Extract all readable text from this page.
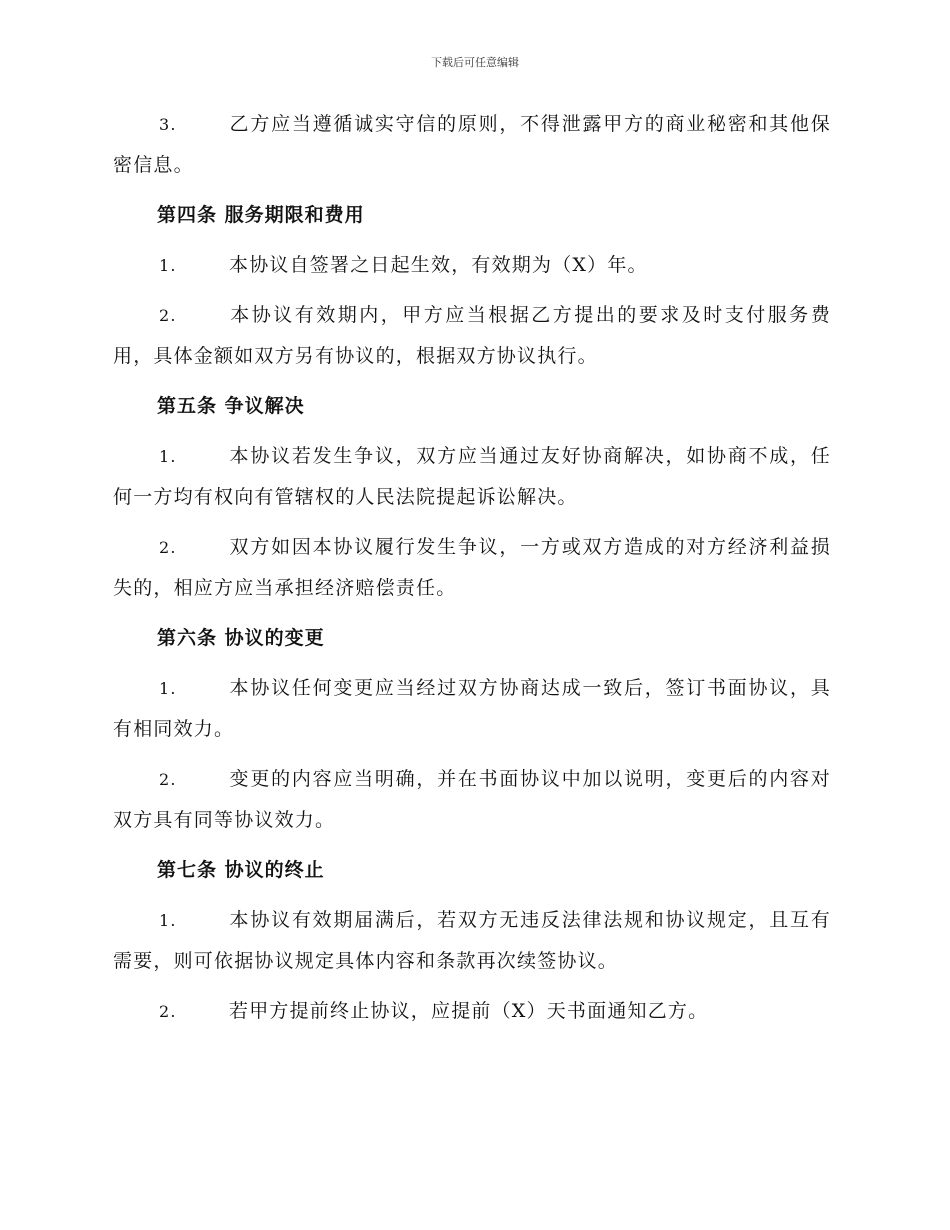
下载后可任意编辑

3.	乙方应当遵循诚实守信的原则，不得泄露甲方的商业秘密和其他保密信息。

第四条 服务期限和费用

1.	本协议自签署之日起生效，有效期为（X）年。

2.	本协议有效期内，甲方应当根据乙方提出的要求及时支付服务费用，具体金额如双方另有协议的，根据双方协议执行。

第五条 争议解决

1.	本协议若发生争议，双方应当通过友好协商解决，如协商不成，任何一方均有权向有管辖权的人民法院提起诉讼解决。

2.	双方如因本协议履行发生争议，一方或双方造成的对方经济利益损失的，相应方应当承担经济赔偿责任。

第六条 协议的变更

1.	本协议任何变更应当经过双方协商达成一致后，签订书面协议，具有相同效力。

2.	变更的内容应当明确，并在书面协议中加以说明，变更后的内容对双方具有同等协议效力。

第七条 协议的终止

1.	本协议有效期届满后，若双方无违反法律法规和协议规定，且互有需要，则可依据协议规定具体内容和条款再次续签协议。

2.	若甲方提前终止协议，应提前（X）天书面通知乙方。
